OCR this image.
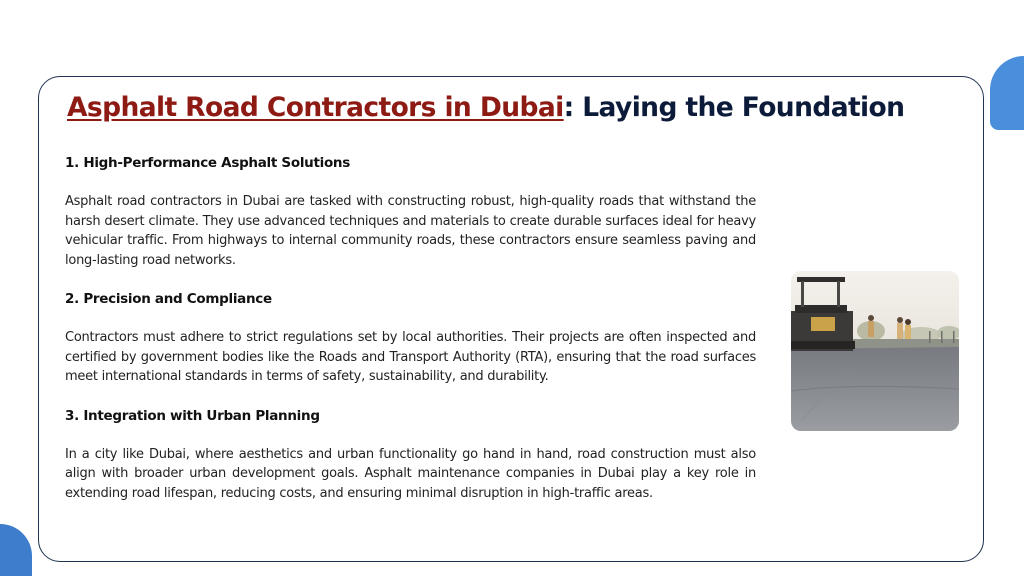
Asphalt Road Contractors in Dubai: Laying the Foundation

1. High-Performance Asphalt Solutions

Asphalt road contractors in Dubai are tasked with constructing robust, high-quality roads that withstand the harsh desert climate. They use advanced techniques and materials to create durable surfaces ideal for heavy vehicular traffic. From highways to internal community roads, these contractors ensure seamless paving and long-lasting road networks.

2. Precision and Compliance

Contractors must adhere to strict regulations set by local authorities. Their projects are often inspected and certified by government bodies like the Roads and Transport Authority (RTA), ensuring that the road surfaces meet international standards in terms of safety, sustainability, and durability.

3. Integration with Urban Planning

In a city like Dubai, where aesthetics and urban functionality go hand in hand, road construction must also align with broader urban development goals. Asphalt maintenance companies in Dubai play a key role in extending road lifespan, reducing costs, and ensuring minimal disruption in high-traffic areas.
